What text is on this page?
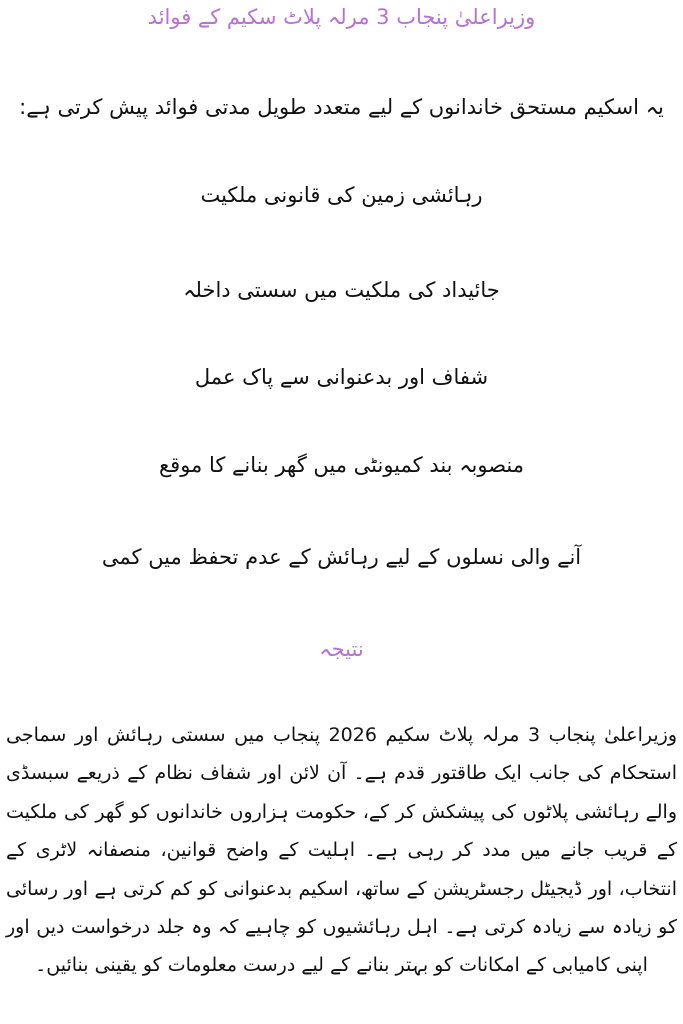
وزیراعلیٰ پنجاب 3 مرلہ پلاٹ سکیم کے فوائد
یہ اسکیم مستحق خاندانوں کے لیے متعدد طویل مدتی فوائد پیش کرتی ہے:
رہائشی زمین کی قانونی ملکیت
جائیداد کی ملکیت میں سستی داخلہ
شفاف اور بدعنوانی سے پاک عمل
منصوبہ بند کمیونٹی میں گھر بنانے کا موقع
آنے والی نسلوں کے لیے رہائش کے عدم تحفظ میں کمی
نتیجہ

وزیراعلیٰ پنجاب 3 مرلہ پلاٹ سکیم 2026 پنجاب میں سستی رہائش اور سماجی استحکام کی جانب ایک طاقتور قدم ہے۔ آن لائن اور شفاف نظام کے ذریعے سبسڈی والے رہائشی پلاٹوں کی پیشکش کر کے، حکومت ہزاروں خاندانوں کو گھر کی ملکیت کے قریب جانے میں مدد کر رہی ہے۔ اہلیت کے واضح قوانین، منصفانہ لاٹری کے انتخاب، اور ڈیجیٹل رجسٹریشن کے ساتھ، اسکیم بدعنوانی کو کم کرتی ہے اور رسائی کو زیادہ سے زیادہ کرتی ہے۔ اہل رہائشیوں کو چاہیے کہ وہ جلد درخواست دیں اور اپنی کامیابی کے امکانات کو بہتر بنانے کے لیے درست معلومات کو یقینی بنائیں۔
